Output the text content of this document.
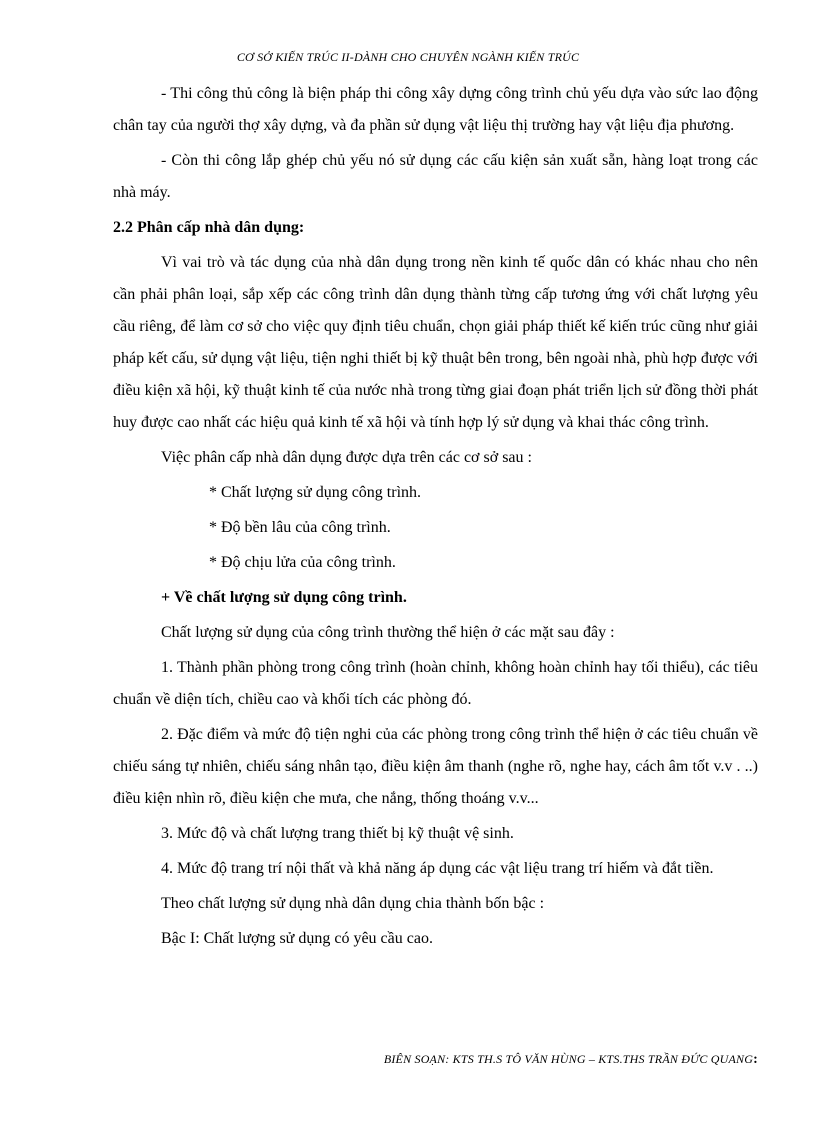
CƠ SỞ KIẾN TRÚC II-DÀNH CHO CHUYÊN NGÀNH KIẾN TRÚC

- Thi công thủ công là biện pháp thi công xây dựng công trình chủ yếu dựa vào sức lao động chân tay của người thợ xây dựng, và đa phần sử dụng vật liệu thị trường hay vật liệu địa phương.

- Còn thi công lắp ghép chủ yếu nó sử dụng các cấu kiện sản xuất sẵn, hàng loạt trong các nhà máy.

2.2 Phân cấp nhà dân dụng:

Vì vai trò và tác dụng của nhà dân dụng trong nền kinh tế quốc dân có khác nhau cho nên cần phải phân loại, sắp xếp các công trình dân dụng thành từng cấp tương ứng với chất lượng yêu cầu riêng, để làm cơ sở cho việc quy định tiêu chuẩn, chọn giải pháp thiết kế kiến trúc cũng như giải pháp kết cấu, sử dụng vật liệu, tiện nghi thiết bị kỹ thuật bên trong, bên ngoài nhà, phù hợp được với điều kiện xã hội, kỹ thuật kinh tế của nước nhà trong từng giai đoạn phát triển lịch sử đồng thời phát huy được cao nhất các hiệu quả kinh tế xã hội và tính hợp lý sử dụng và khai thác công trình.

Việc phân cấp nhà dân dụng được dựa trên các cơ sở sau :

* Chất lượng sử dụng công trình.

* Độ bền lâu của công trình.

* Độ chịu lửa của công trình.

+ Về chất lượng sử dụng công trình.

Chất lượng sử dụng của công trình thường thể hiện ở các mặt sau đây :

1. Thành phần phòng trong công trình (hoàn chỉnh, không hoàn chỉnh hay tối thiểu), các tiêu chuẩn về diện tích, chiều cao và khối tích các phòng đó.

2. Đặc điểm và mức độ tiện nghi của các phòng trong công trình thể hiện ở các tiêu chuẩn về chiếu sáng tự nhiên, chiếu sáng nhân tạo, điều kiện âm thanh (nghe rõ, nghe hay, cách âm tốt v.v . ..) điều kiện nhìn rõ, điều kiện che mưa, che nắng, thống thoáng v.v...

3. Mức độ và chất lượng trang thiết bị kỹ thuật vệ sinh.

4. Mức độ trang trí nội thất và khả năng áp dụng các vật liệu trang trí hiếm và đắt tiền.

Theo chất lượng sử dụng nhà dân dụng chia thành bốn bậc :

Bậc I: Chất lượng sử dụng có yêu cầu cao.

BIÊN SOẠN: KTS TH.S TÔ VĂN HÙNG – KTS.THS TRẦN ĐỨC QUANG:
